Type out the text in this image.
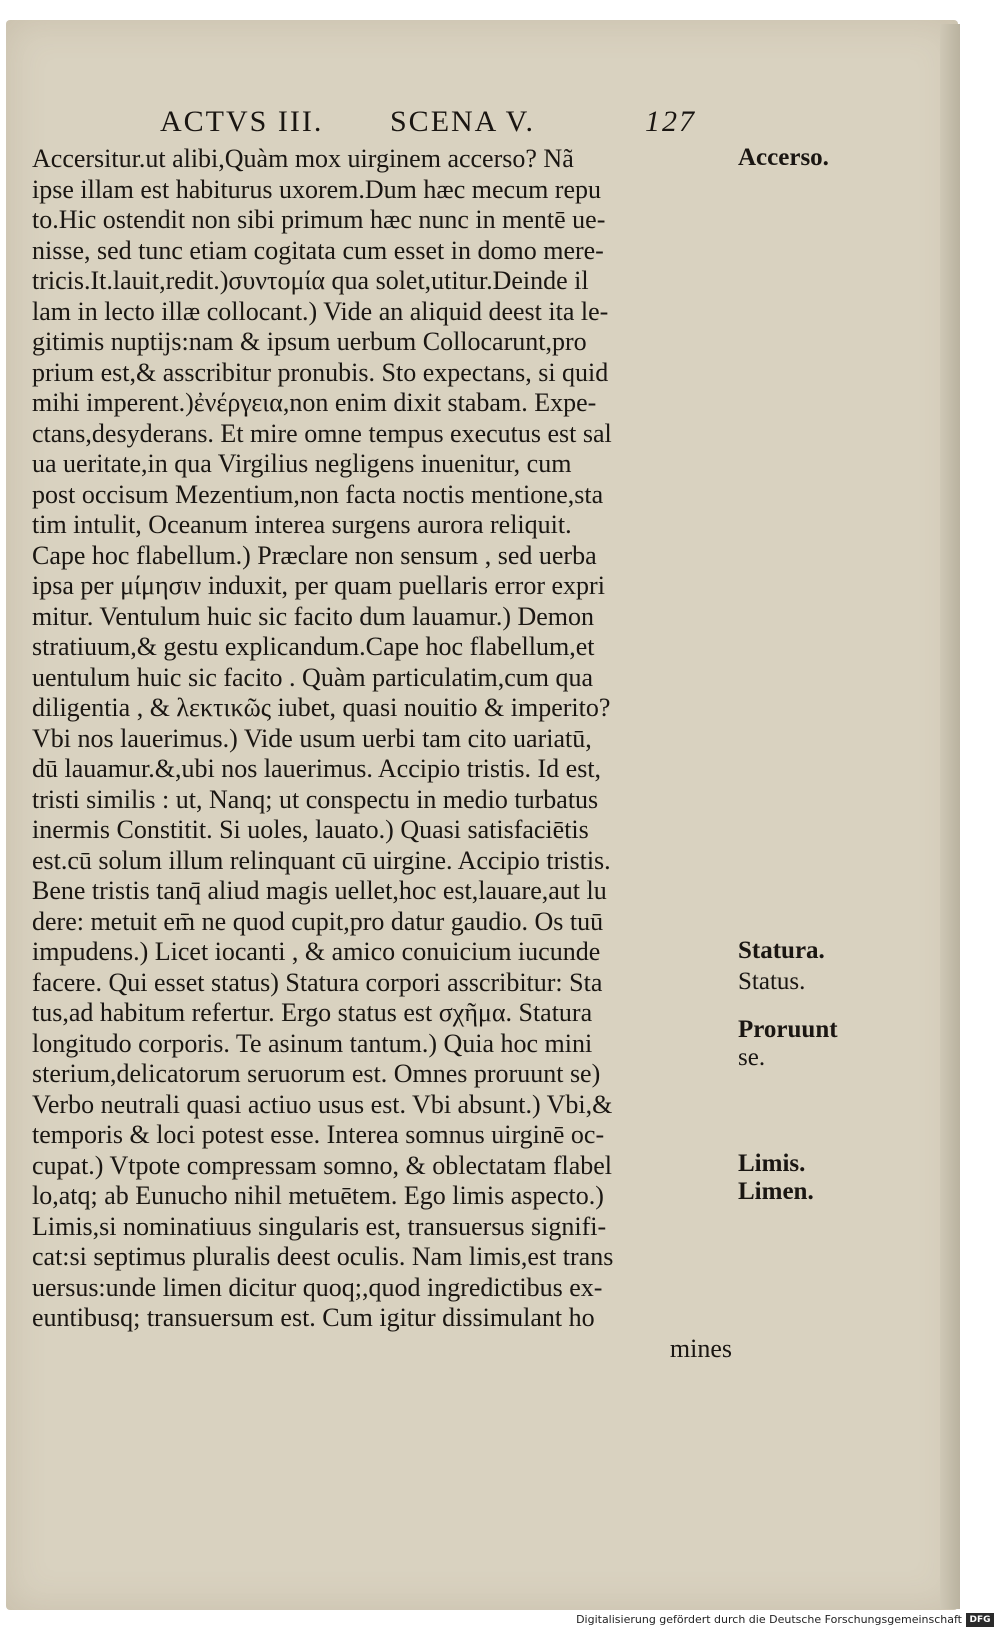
ACTVS III. SCENA V.	127
Accersitur.ut alibi,Quàm mox uirginem accerso? Nã
ipse illam est habiturus uxorem.Dum hæc mecum repu
to.Hic ostendit non sibi primum hæc nunc in mentē ue-
nisse, sed tunc etiam cogitata cum esset in domo mere-
tricis.It.lauit,redit.)συντομία qua solet,utitur.Deinde il
lam in lecto illæ collocant.) Vide an aliquid deest ita le-
gitimis nuptijs:nam & ipsum uerbum Collocarunt,pro
prium est,& asscribitur pronubis. Sto expectans, si quid
mihi imperent.)ἐνέργεια,non enim dixit stabam. Expe-
ctans,desyderans. Et mire omne tempus executus est sal
ua ueritate,in qua Virgilius negligens inuenitur, cum
post occisum Mezentium,non facta noctis mentione,sta
tim intulit, Oceanum interea surgens aurora reliquit.
Cape hoc flabellum.) Præclare non sensum , sed uerba
ipsa per μίμησιν induxit, per quam puellaris error expri
mitur. Ventulum huic sic facito dum lauamur.) Demon
stratiuum,& gestu explicandum.Cape hoc flabellum,et
uentulum huic sic facito . Quàm particulatim,cum qua
diligentia , & λεκτικῶς iubet, quasi nouitio & imperito?
Vbi nos lauerimus.) Vide usum uerbi tam cito uariatū,
dū lauamur.&,ubi nos lauerimus. Accipio tristis. Id est,
tristi similis : ut, Nanq; ut conspectu in medio turbatus
inermis Constitit. Si uoles, lauato.) Quasi satisfaciētis
est.cū solum illum relinquant cū uirgine. Accipio tristis.
Bene tristis tanq̄ aliud magis uellet,hoc est,lauare,aut lu
dere: metuit em̄ ne quod cupit,pro datur gaudio. Os tuū
impudens.) Licet iocanti , & amico conuicium iucunde
facere. Qui esset status) Statura corpori asscribitur: Sta
tus,ad habitum refertur. Ergo status est σχῆμα. Statura
longitudo corporis. Te asinum tantum.) Quia hoc mini
sterium,delicatorum seruorum est. Omnes proruunt se)
Verbo neutrali quasi actiuo usus est. Vbi absunt.) Vbi,&
temporis & loci potest esse. Interea somnus uirginē oc-
cupat.) Vtpote compressam somno, & oblectatam flabel
lo,atq; ab Eunucho nihil metuētem. Ego limis aspecto.)
Limis,si nominatiuus singularis est, transuersus signifi-
cat:si septimus pluralis deest oculis. Nam limis,est trans
uersus:unde limen dicitur quoq;,quod ingredictibus ex-
euntibusq; transuersum est. Cum igitur dissimulant ho
mines
Accerso.
Statura.
Status.
Proruunt
se.
Limis.
Limen.
Digitalisierung gefördert durch die Deutsche Forschungsgemeinschaft DFG
